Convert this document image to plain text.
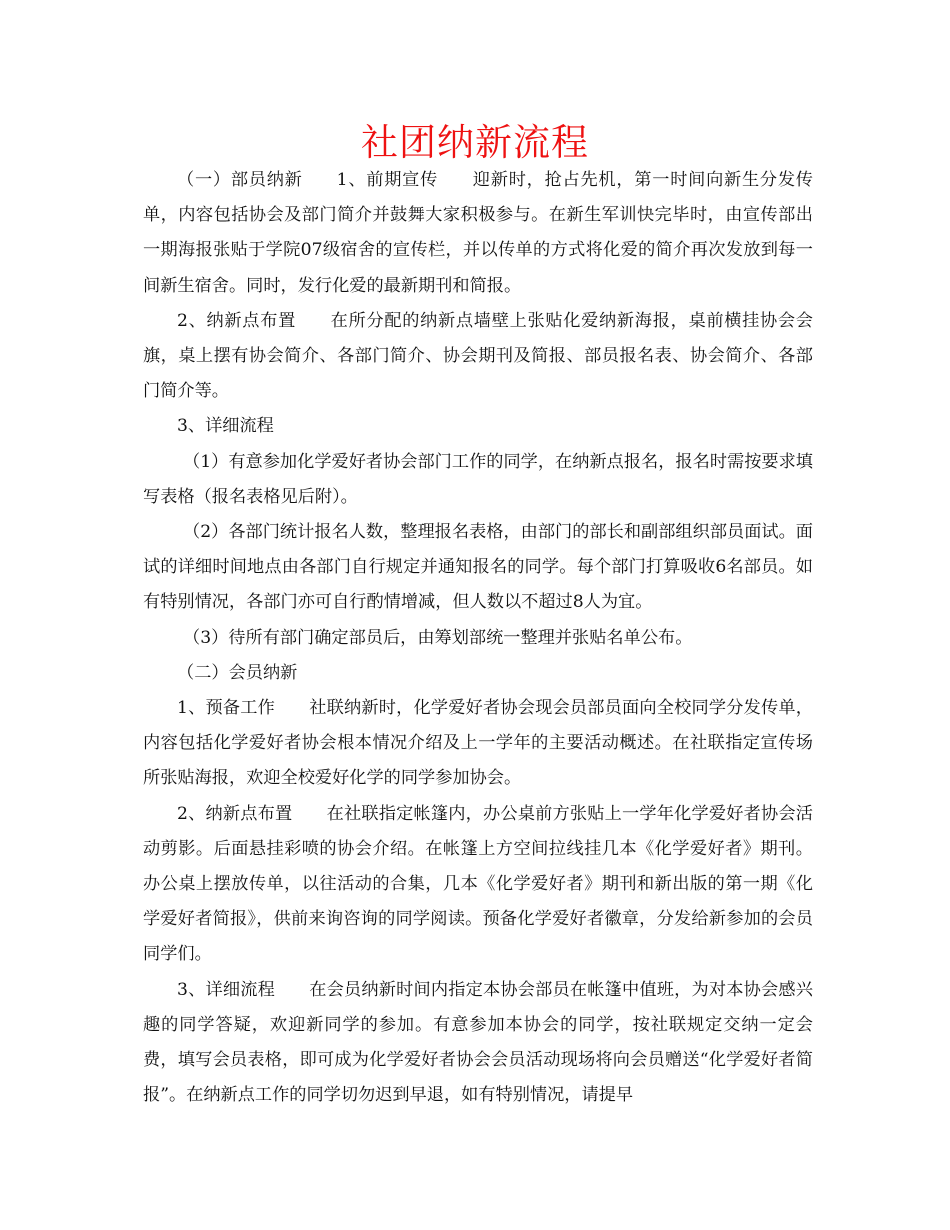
社团纳新流程

（一）部员纳新 1、前期宣传 迎新时，抢占先机，第一时间向新生分发传单，内容包括协会及部门简介并鼓舞大家积极参与。在新生军训快完毕时，由宣传部出一期海报张贴于学院07级宿舍的宣传栏，并以传单的方式将化爱的简介再次发放到每一间新生宿舍。同时，发行化爱的最新期刊和简报。

2、纳新点布置 在所分配的纳新点墙壁上张贴化爱纳新海报，桌前横挂协会会旗，桌上摆有协会简介、各部门简介、协会期刊及简报、部员报名表、协会简介、各部门简介等。

3、详细流程

（1）有意参加化学爱好者协会部门工作的同学，在纳新点报名，报名时需按要求填写表格（报名表格见后附）。

（2）各部门统计报名人数，整理报名表格，由部门的部长和副部组织部员面试。面试的详细时间地点由各部门自行规定并通知报名的同学。每个部门打算吸收6名部员。如有特别情况，各部门亦可自行酌情增减，但人数以不超过8人为宜。

（3）待所有部门确定部员后，由筹划部统一整理并张贴名单公布。

（二）会员纳新

1、预备工作 社联纳新时，化学爱好者协会现会员部员面向全校同学分发传单，内容包括化学爱好者协会根本情况介绍及上一学年的主要活动概述。在社联指定宣传场所张贴海报，欢迎全校爱好化学的同学参加协会。

2、纳新点布置 在社联指定帐篷内，办公桌前方张贴上一学年化学爱好者协会活动剪影。后面悬挂彩喷的协会介绍。在帐篷上方空间拉线挂几本《化学爱好者》期刊。办公桌上摆放传单，以往活动的合集，几本《化学爱好者》期刊和新出版的第一期《化学爱好者简报》，供前来询咨询的同学阅读。预备化学爱好者徽章，分发给新参加的会员同学们。

3、详细流程 在会员纳新时间内指定本协会部员在帐篷中值班，为对本协会感兴趣的同学答疑，欢迎新同学的参加。有意参加本协会的同学，按社联规定交纳一定会费，填写会员表格，即可成为化学爱好者协会会员活动现场将向会员赠送“化学爱好者简报”。在纳新点工作的同学切勿迟到早退，如有特别情况，请提早
